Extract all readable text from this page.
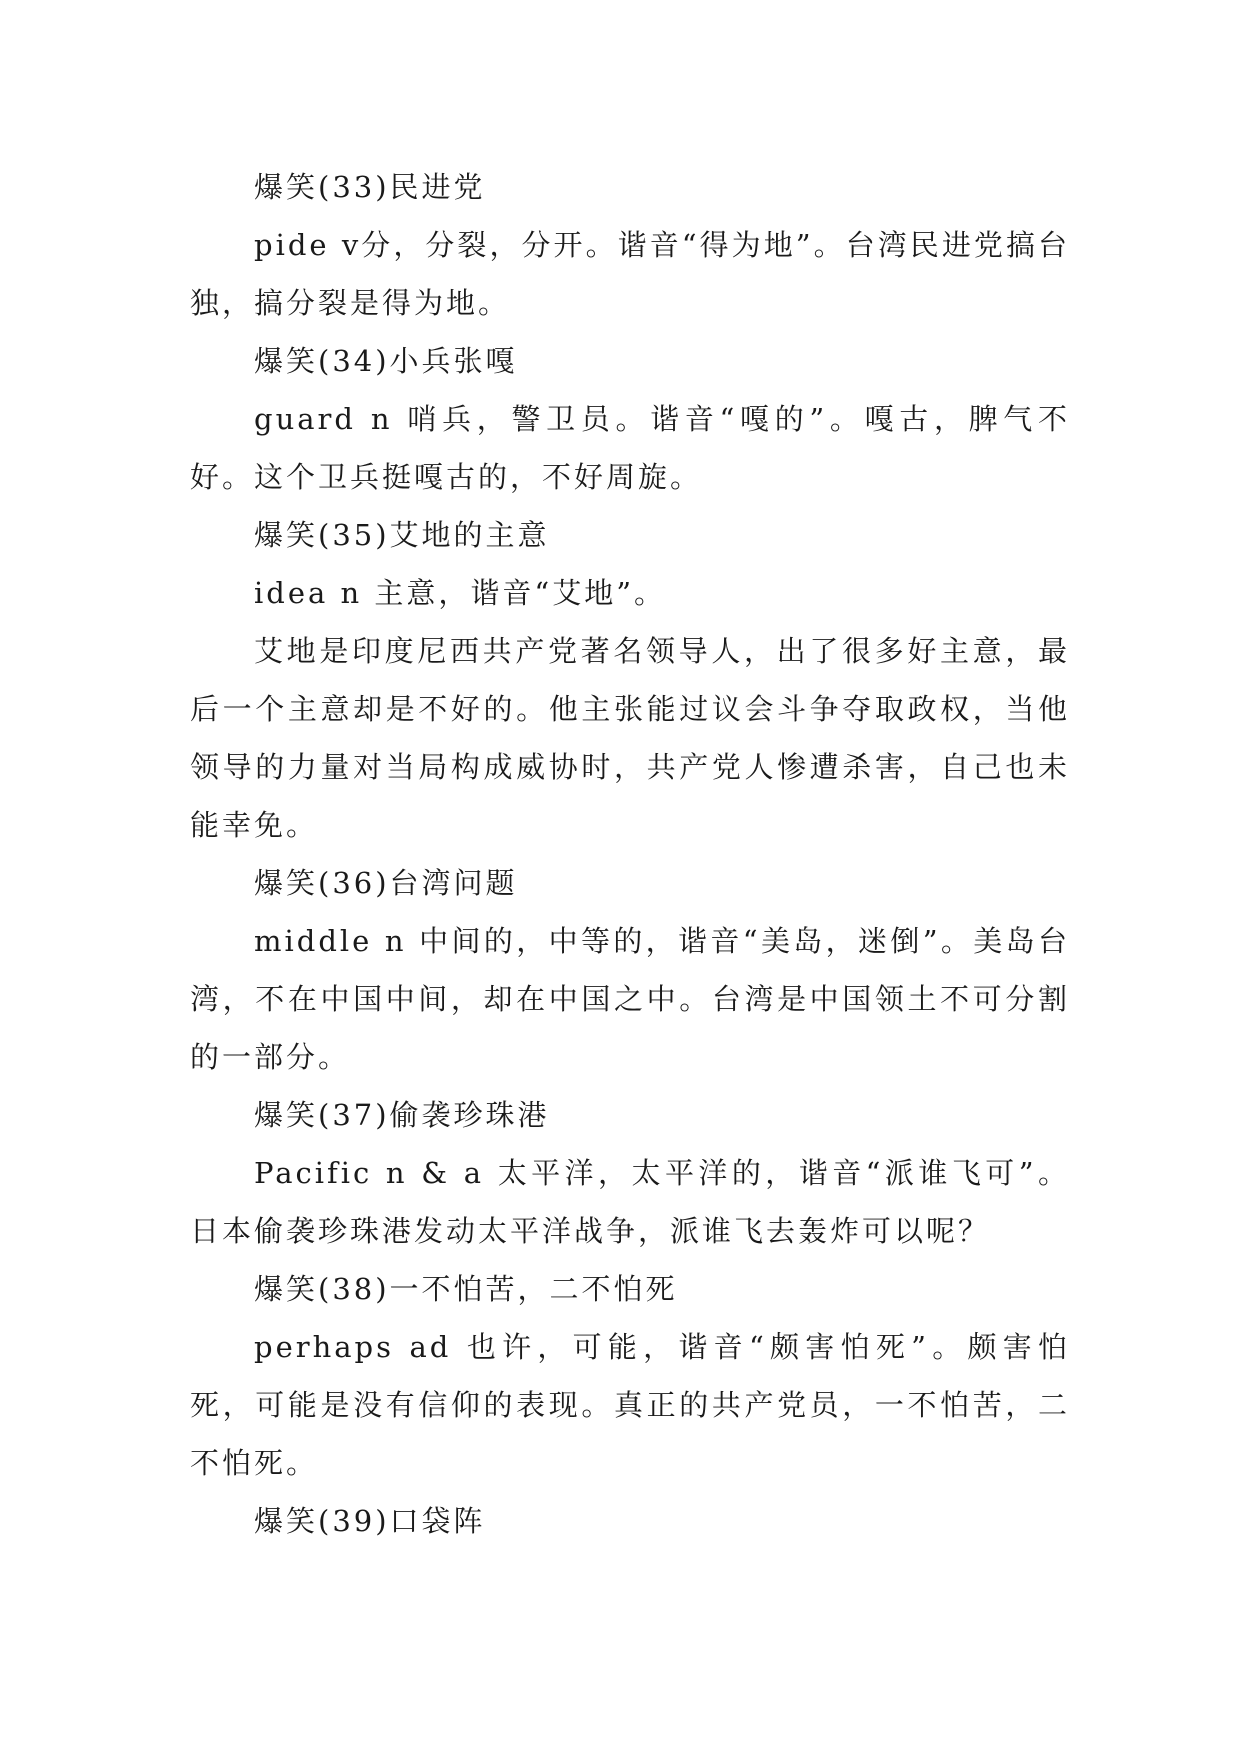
爆笑(33)民进党

pide v分，分裂，分开。谐音“得为地”。台湾民进党搞台独，搞分裂是得为地。

爆笑(34)小兵张嘎

guard n 哨兵，警卫员。谐音“嘎的”。嘎古，脾气不好。这个卫兵挺嘎古的，不好周旋。

爆笑(35)艾地的主意

idea n 主意，谐音“艾地”。

艾地是印度尼西共产党著名领导人，出了很多好主意，最后一个主意却是不好的。他主张能过议会斗争夺取政权，当他领导的力量对当局构成威协时，共产党人惨遭杀害，自己也未能幸免。

爆笑(36)台湾问题

middle n 中间的，中等的，谐音“美岛，迷倒”。美岛台湾，不在中国中间，却在中国之中。台湾是中国领土不可分割的一部分。

爆笑(37)偷袭珍珠港

Pacific n & a 太平洋，太平洋的，谐音“派谁飞可”。日本偷袭珍珠港发动太平洋战争，派谁飞去轰炸可以呢？

爆笑(38)一不怕苦，二不怕死

perhaps ad 也许，可能，谐音“颇害怕死”。颇害怕死，可能是没有信仰的表现。真正的共产党员，一不怕苦，二不怕死。

爆笑(39)口袋阵
